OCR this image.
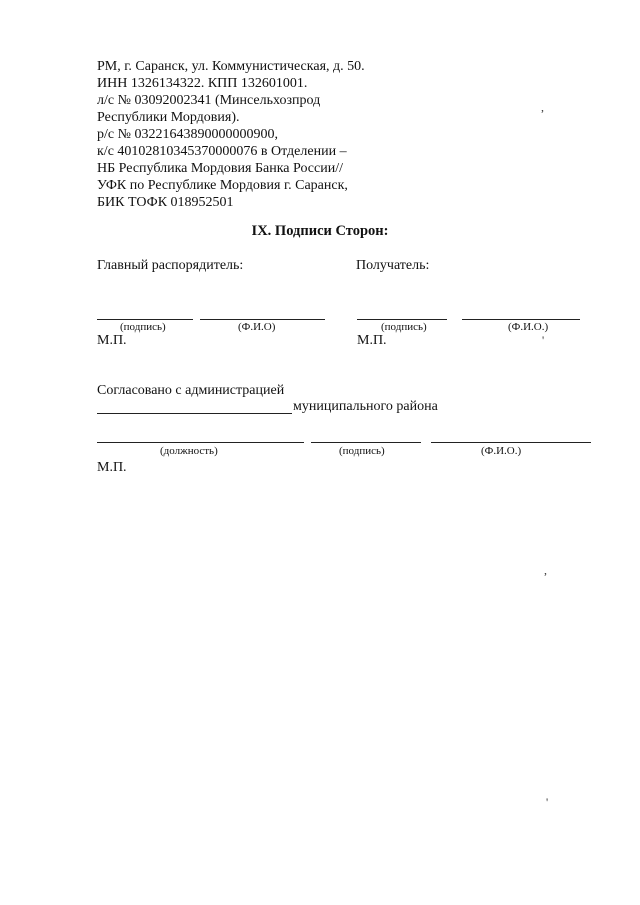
РМ, г. Саранск, ул. Коммунистическая, д. 50.
ИНН 1326134322. КПП 132601001.
л/с № 03092002341 (Минсельхозпрод
Республики Мордовия).
р/с № 03221643890000000900,
к/с 40102810345370000076 в Отделении –
НБ Республика Мордовия Банка России//
УФК по Республике Мордовия г. Саранск,
БИК ТОФК 018952501
,
IX. Подписи Сторон:
Главный распорядитель:	Получатель:
(подпись)	(Ф.И.О)	(подпись)	(Ф.И.О.)
М.П.	М.П.	'
Согласовано с администрацией
муниципального района
(должность)	(подпись)	(Ф.И.О.)
М.П.
,
'
